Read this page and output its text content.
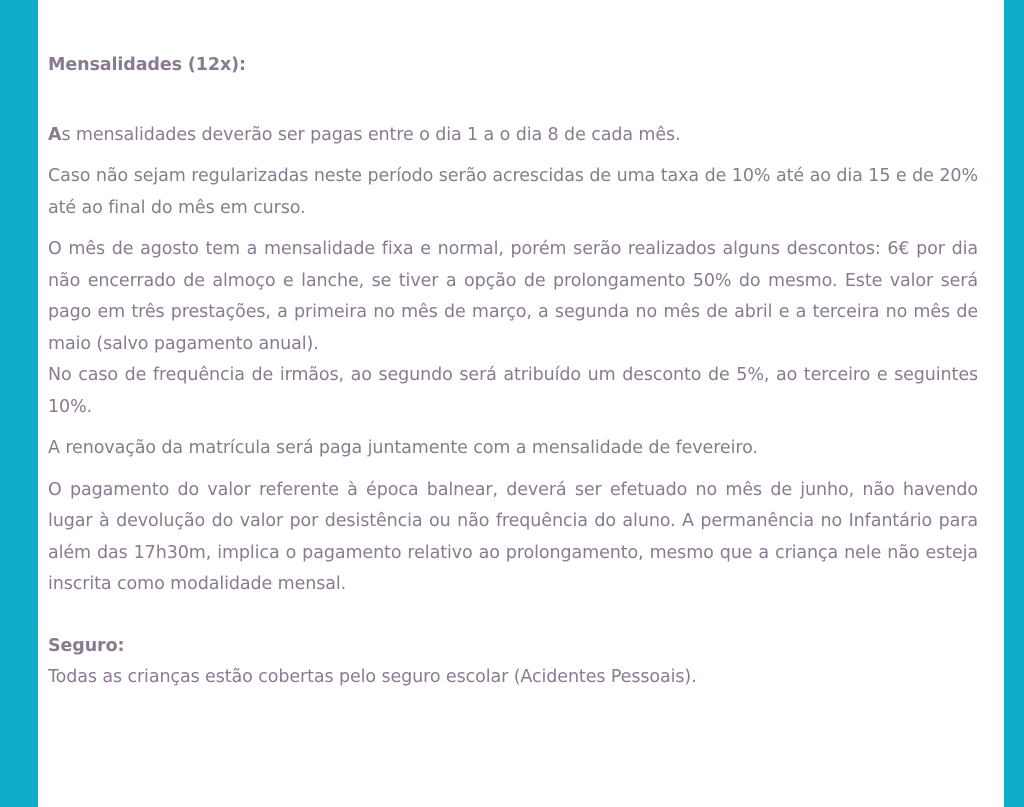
Mensalidades (12x):

As mensalidades deverão ser pagas entre o dia 1 a o dia 8 de cada mês.

Caso não sejam regularizadas neste período serão acrescidas de uma taxa de 10% até ao dia 15 e de 20% até ao final do mês em curso.

O mês de agosto tem a mensalidade fixa e normal, porém serão realizados alguns descontos: 6€ por dia não encerrado de almoço e lanche, se tiver a opção de prolongamento 50% do mesmo. Este valor será pago em três prestações, a primeira no mês de março, a segunda no mês de abril e a terceira no mês de maio (salvo pagamento anual).

No caso de frequência de irmãos, ao segundo será atribuído um desconto de 5%, ao terceiro e seguintes 10%.

A renovação da matrícula será paga juntamente com a mensalidade de fevereiro.

O pagamento do valor referente à época balnear, deverá ser efetuado no mês de junho, não havendo lugar à devolução do valor por desistência ou não frequência do aluno. A permanência no Infantário para além das 17h30m, implica o pagamento relativo ao prolongamento, mesmo que a criança nele não esteja inscrita como modalidade mensal.

Seguro:

Todas as crianças estão cobertas pelo seguro escolar (Acidentes Pessoais).
